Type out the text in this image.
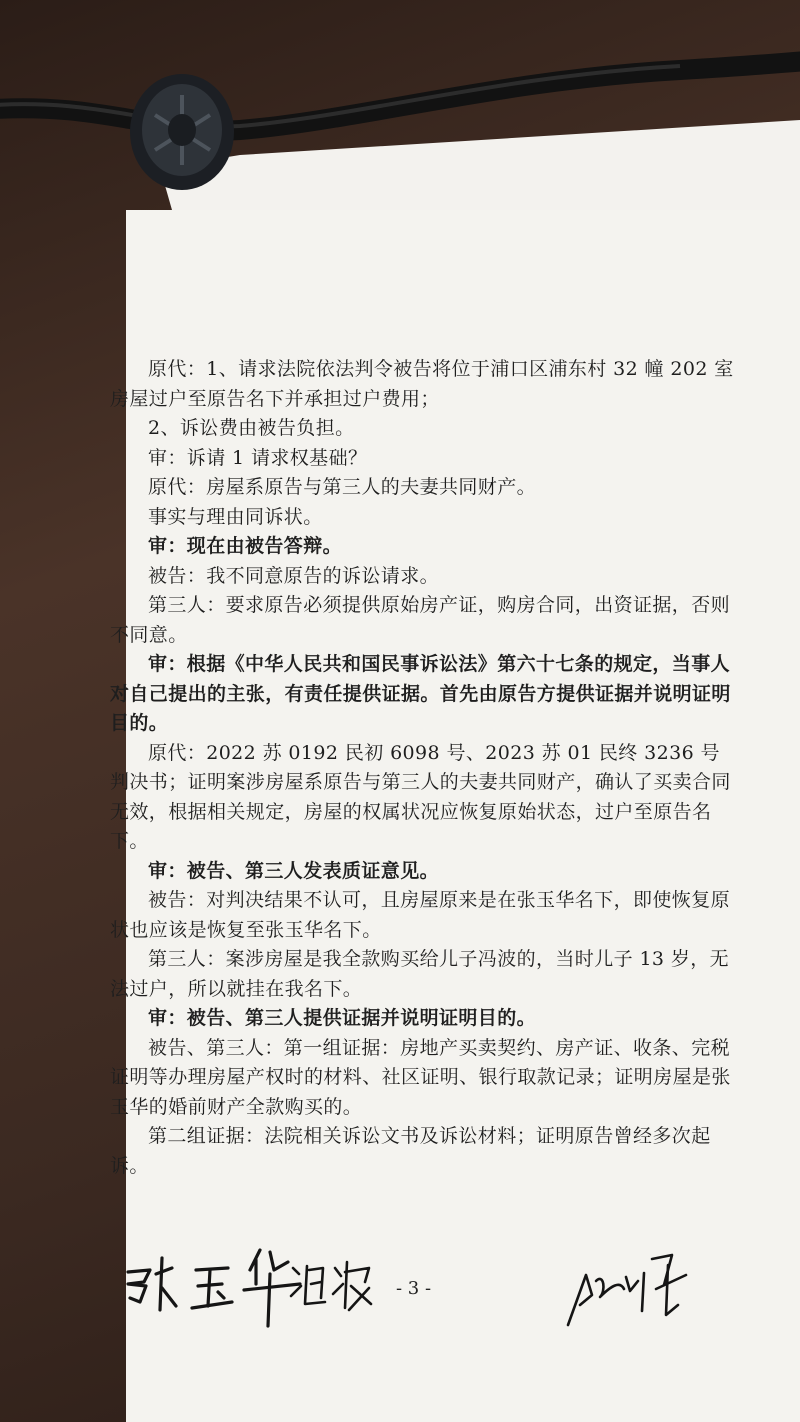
原代：1、请求法院依法判令被告将位于浦口区浦东村 32 幢 202 室房屋过户至原告名下并承担过户费用；

2、诉讼费由被告负担。

审：诉请 1 请求权基础？

原代：房屋系原告与第三人的夫妻共同财产。

事实与理由同诉状。

审：现在由被告答辩。

被告：我不同意原告的诉讼请求。

第三人：要求原告必须提供原始房产证，购房合同，出资证据，否则不同意。

审：根据《中华人民共和国民事诉讼法》第六十七条的规定，当事人对自己提出的主张，有责任提供证据。首先由原告方提供证据并说明证明目的。

原代：2022 苏 0192 民初 6098 号、2023 苏 01 民终 3236 号判决书；证明案涉房屋系原告与第三人的夫妻共同财产，确认了买卖合同无效，根据相关规定，房屋的权属状况应恢复原始状态，过户至原告名下。

审：被告、第三人发表质证意见。

被告：对判决结果不认可，且房屋原来是在张玉华名下，即使恢复原状也应该是恢复至张玉华名下。

第三人：案涉房屋是我全款购买给儿子冯波的，当时儿子 13 岁，无法过户，所以就挂在我名下。

审：被告、第三人提供证据并说明证明目的。

被告、第三人：第一组证据：房地产买卖契约、房产证、收条、完税证明等办理房屋产权时的材料、社区证明、银行取款记录；证明房屋是张玉华的婚前财产全款购买的。

第二组证据：法院相关诉讼文书及诉讼材料；证明原告曾经多次起诉。

- 3 -
